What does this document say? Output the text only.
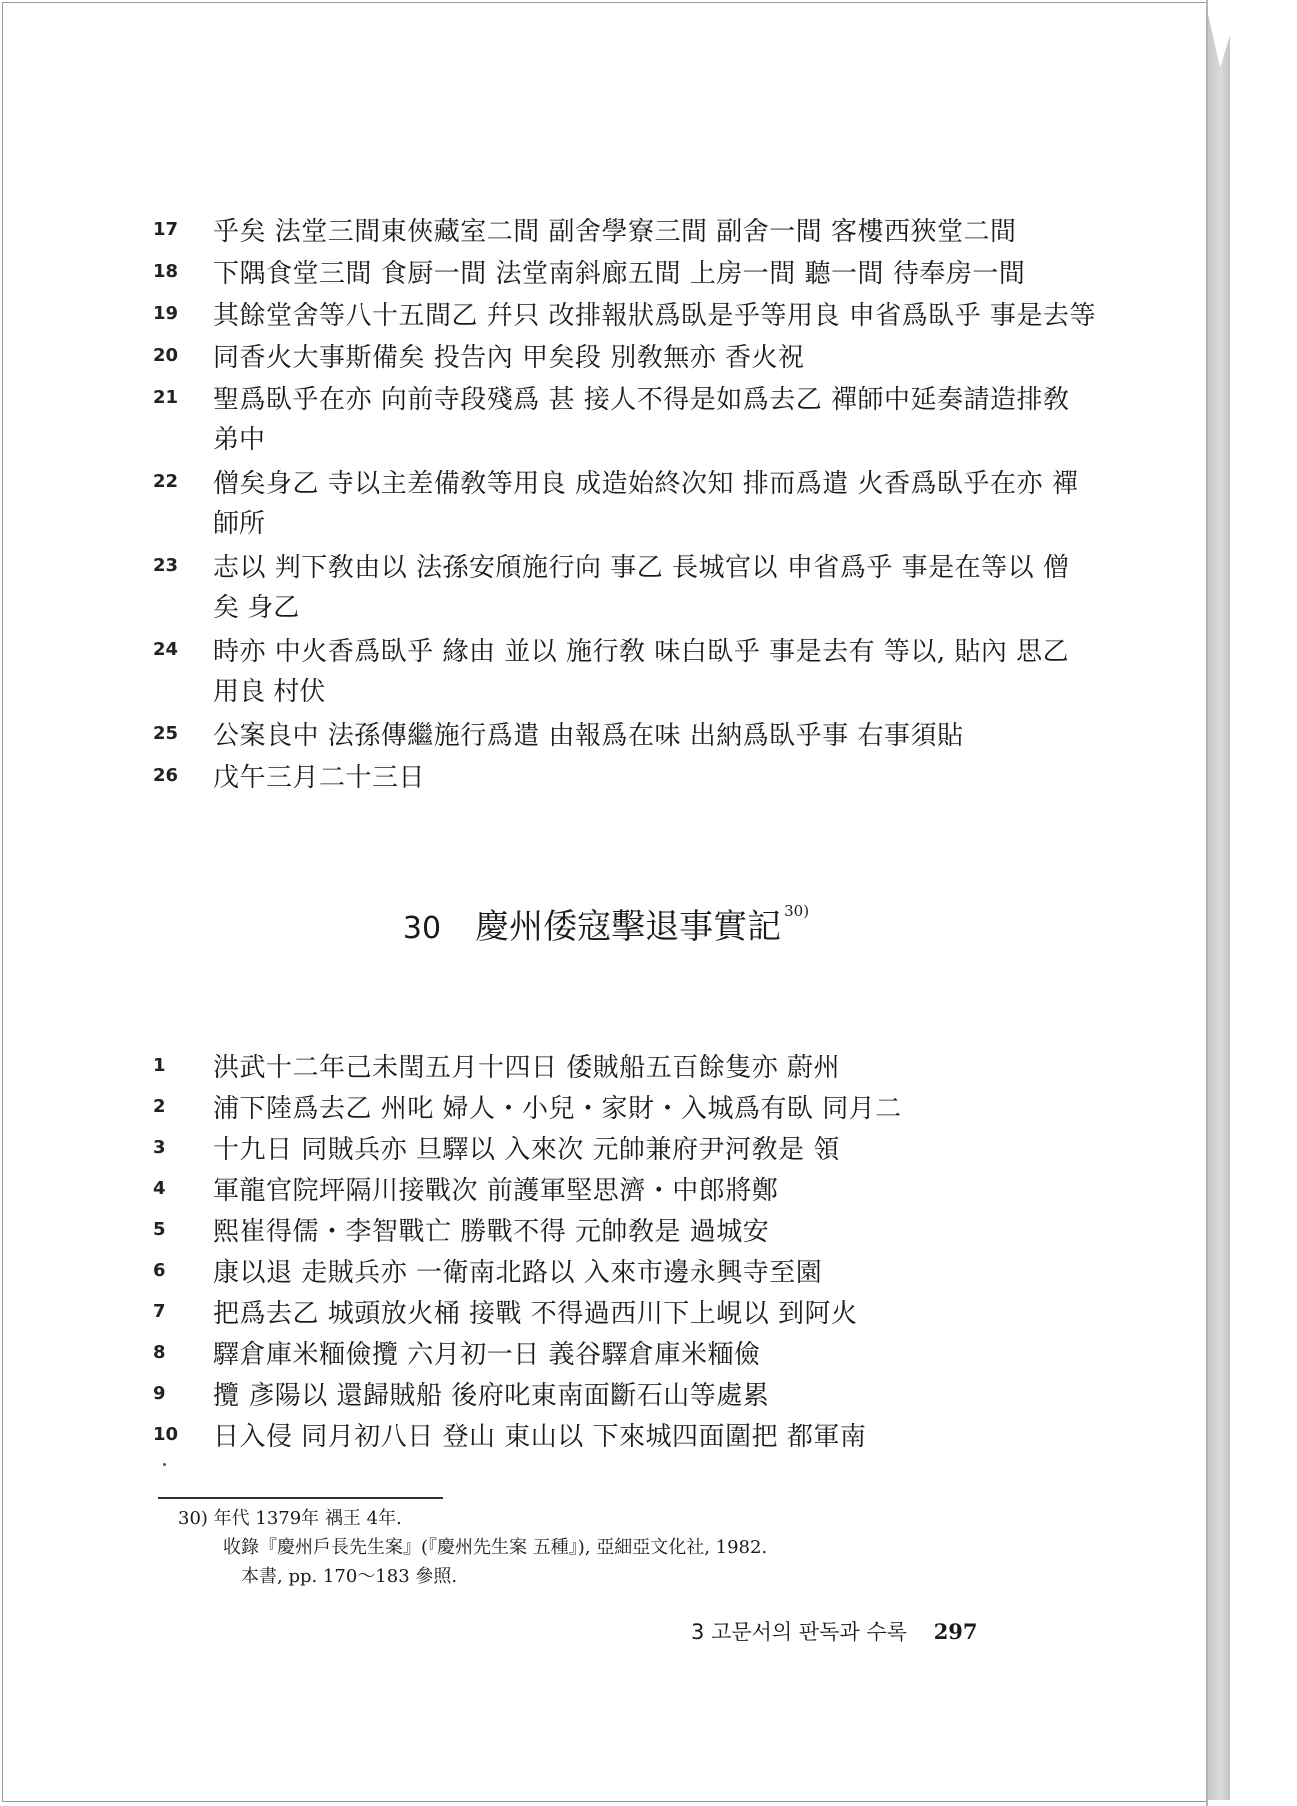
17 乎矣 法堂三間東俠藏室二間 副舍學寮三間 副舍一間 客樓西狹堂二間
18 下隅食堂三間 食厨一間 法堂南斜廊五間 上房一間 聽一間 待奉房一間
19 其餘堂舍等八十五間乙 幷只 改排報狀爲臥是乎等用良 申省爲臥乎 事是去等
20 同香火大事斯備矣 投告內 甲矣段 別敎無亦 香火祝
21 聖爲臥乎在亦 向前寺段殘爲 甚 接人不得是如爲去乙 禪師中延奏請造排敎
弟中
22 僧矣身乙 寺以主差備敎等用良 成造始終次知 排而爲遣 火香爲臥乎在亦 禪
師所
23 志以 判下敎由以 法孫安頎施行向 事乙 長城官以 申省爲乎 事是在等以 僧
矣 身乙
24 時亦 中火香爲臥乎 緣由 並以 施行敎 味白臥乎 事是去有 等以, 貼內 思乙
用良 村伏
25 公案良中 法孫傳繼施行爲遣 由報爲在味 出納爲臥乎事 右事須貼
26 戊午三月二十三日
30 慶州倭寇擊退事實記 $^{30)}$
1 洪武十二年己未閏五月十四日 倭賊船五百餘隻亦 蔚州
2 浦下陸爲去乙 州叱 婦人・小兒・家財・入城爲有臥 同月二
3 十九日 同賊兵亦 旦驛以 入來次 元帥兼府尹河敎是 領
4 軍龍官院坪隔川接戰次 前護軍堅思濟・中郎將鄭
5 熙崔得儒・李智戰亡 勝戰不得 元帥敎是 過城安
6 康以退 走賊兵亦 一衛南北路以 入來市邊永興寺至園
7 把爲去乙 城頭放火桶 接戰 不得過西川下上峴以 到阿火
8 驛倉庫米糆儉攬 六月初一日 義谷驛倉庫米糆儉
9 攬 彥陽以 還歸賊船 後府叱東南面斷石山等處累
10 日入侵 同月初八日 登山 東山以 下來城四面圍把 都軍南
30) 年代 1379年 禑王 4年.
收錄『慶州戶長先生案』(『慶州先生案 五種』), 亞細亞文化社, 1982.
本書, pp. 170～183 參照.
3 고문서의 판독과 수록 297
